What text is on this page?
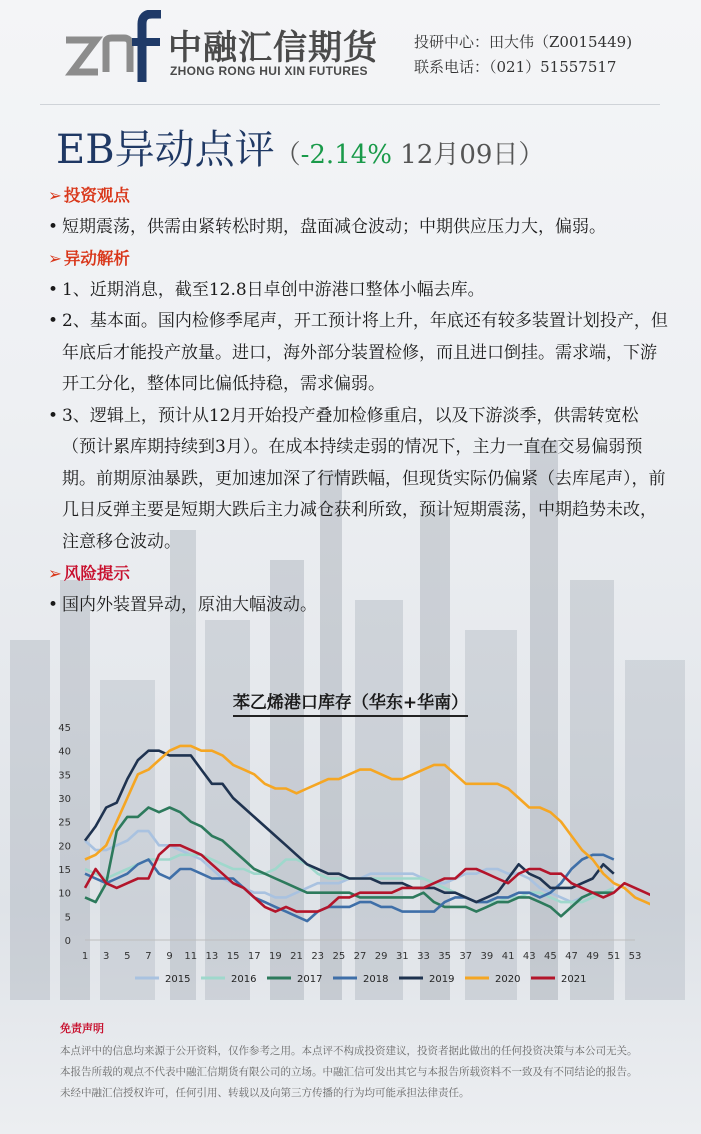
中融汇信期货
ZHONG RONG HUI XIN FUTURES
投研中心：田大伟（Z0015449)
联系电话：（021）51557517
EB异动点评（-2.14% 12月09日）
➢ 投资观点
• 短期震荡，供需由紧转松时期，盘面减仓波动；中期供应压力大，偏弱。
➢ 异动解析
• 1、近期消息，截至12.8日卓创中游港口整体小幅去库。
• 2、基本面。国内检修季尾声，开工预计将上升，年底还有较多装置计划投产，但年底后才能投产放量。进口，海外部分装置检修，而且进口倒挂。需求端，下游开工分化，整体同比偏低持稳，需求偏弱。
• 3、逻辑上，预计从12月开始投产叠加检修重启，以及下游淡季，供需转宽松（预计累库期持续到3月）。在成本持续走弱的情况下，主力一直在交易偏弱预期。前期原油暴跌，更加速加深了行情跌幅，但现货实际仍偏紧（去库尾声），前几日反弹主要是短期大跌后主力减仓获利所致，预计短期震荡，中期趋势未改，注意移仓波动。
➢ 风险提示
• 国内外装置异动，原油大幅波动。
苯乙烯港口库存（华东+华南）
0
5
10
15
20
25
30
35
40
45
1 3 5 7 9 11 13 15 17 19 21 23 25 27 29 31 33 35 37 39 41 43 45 47 49 51 53
2015	2016	2017	2018	2019	2020	2021
免责声明
本点评中的信息均来源于公开资料，仅作参考之用。本点评不构成投资建议，投资者据此做出的任何投资决策与本公司无关。本报告所载的观点不代表中融汇信期货有限公司的立场。中融汇信可发出其它与本报告所载资料不一致及有不同结论的报告。未经中融汇信授权许可，任何引用、转载以及向第三方传播的行为均可能承担法律责任。
